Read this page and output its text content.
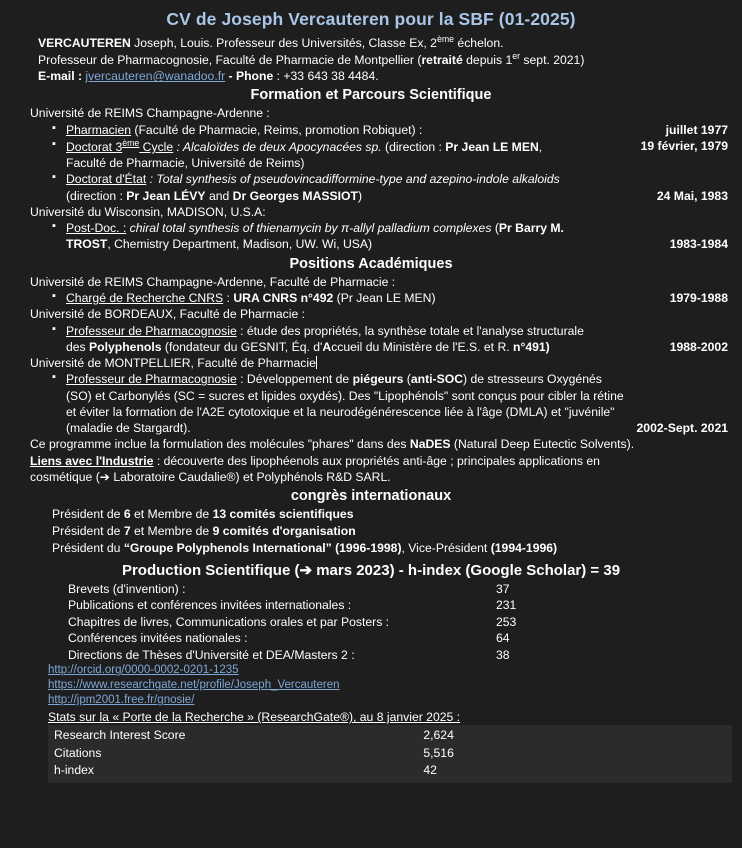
CV de Joseph Vercauteren pour la SBF (01-2025)
VERCAUTEREN Joseph, Louis. Professeur des Universités, Classe Ex, 2ème échelon.
Professeur de Pharmacognosie, Faculté de Pharmacie de Montpellier (retraité depuis 1er sept. 2021)
E-mail : jvercauteren@wanadoo.fr - Phone : +33 643 38 4484.
Formation et Parcours Scientifique
Université de REIMS Champagne-Ardenne :
▪ Pharmacien (Faculté de Pharmacie, Reims, promotion Robiquet) :	juillet 1977
▪ Doctorat 3ème Cycle : Alcaloïdes de deux Apocynacées sp. (direction : Pr Jean LE MEN,	19 février, 1979
Faculté de Pharmacie, Université de Reims)
▪ Doctorat d'État : Total synthesis of pseudovincadifformine-type and azepino-indole alkaloids
(direction : Pr Jean LÉVY and Dr Georges MASSIOT)	24 Mai, 1983
Université du Wisconsin, MADISON, U.S.A:
▪ Post-Doc. : chiral total synthesis of thienamycin by π-allyl palladium complexes (Pr Barry M.
TROST, Chemistry Department, Madison, UW. Wi, USA)	1983-1984
Positions Académiques
Université de REIMS Champagne-Ardenne, Faculté de Pharmacie :
▪ Chargé de Recherche CNRS : URA CNRS n°492 (Pr Jean LE MEN)	1979-1988
Université de BORDEAUX, Faculté de Pharmacie :
▪ Professeur de Pharmacognosie : étude des propriétés, la synthèse totale et l'analyse structurale
des Polyphenols (fondateur du GESNIT, Éq. d'Accueil du Ministère de l'E.S. et R. n°491)	1988-2002
Université de MONTPELLIER, Faculté de Pharmacie
▪ Professeur de Pharmacognosie : Développement de piégeurs (anti-SOC) de stresseurs Oxygénés
(SO) et Carbonylés (SC = sucres et lipides oxydés). Des "Lipophénols" sont conçus pour cibler la rétine
et éviter la formation de l'A2E cytotoxique et la neurodégénérescence liée à l'âge (DMLA) et "juvénile"
(maladie de Stargardt).	2002-Sept. 2021
Ce programme inclue la formulation des molécules "phares" dans des NaDES (Natural Deep Eutectic Solvents).
Liens avec l'Industrie : découverte des lipophéenols aux propriétés anti-âge ; principales applications en
cosmétique (➔ Laboratoire Caudalie®) et Polyphénols R&D SARL.
congrès internationaux
Président de 6 et Membre de 13 comités scientifiques
Président de 7 et Membre de 9 comités d'organisation
Président du “Groupe Polyphenols International” (1996-1998), Vice-Président (1994-1996)
Production Scientifique (➔ mars 2023) - h-index (Google Scholar) = 39
Brevets (d'invention) :	37
Publications et conférences invitées internationales :	231
Chapitres de livres, Communications orales et par Posters :	253
Conférences invitées nationales :	64
Directions de Thèses d'Université et DEA/Masters 2 :	38
http://orcid.org/0000-0002-0201-1235
https://www.researchgate.net/profile/Joseph_Vercauteren
http://jpm2001.free.fr/gnosie/
Stats sur la « Porte de la Recherche » (ResearchGate®), au 8 janvier 2025 :
Research Interest Score	2,624
Citations	5,516
h-index	42
